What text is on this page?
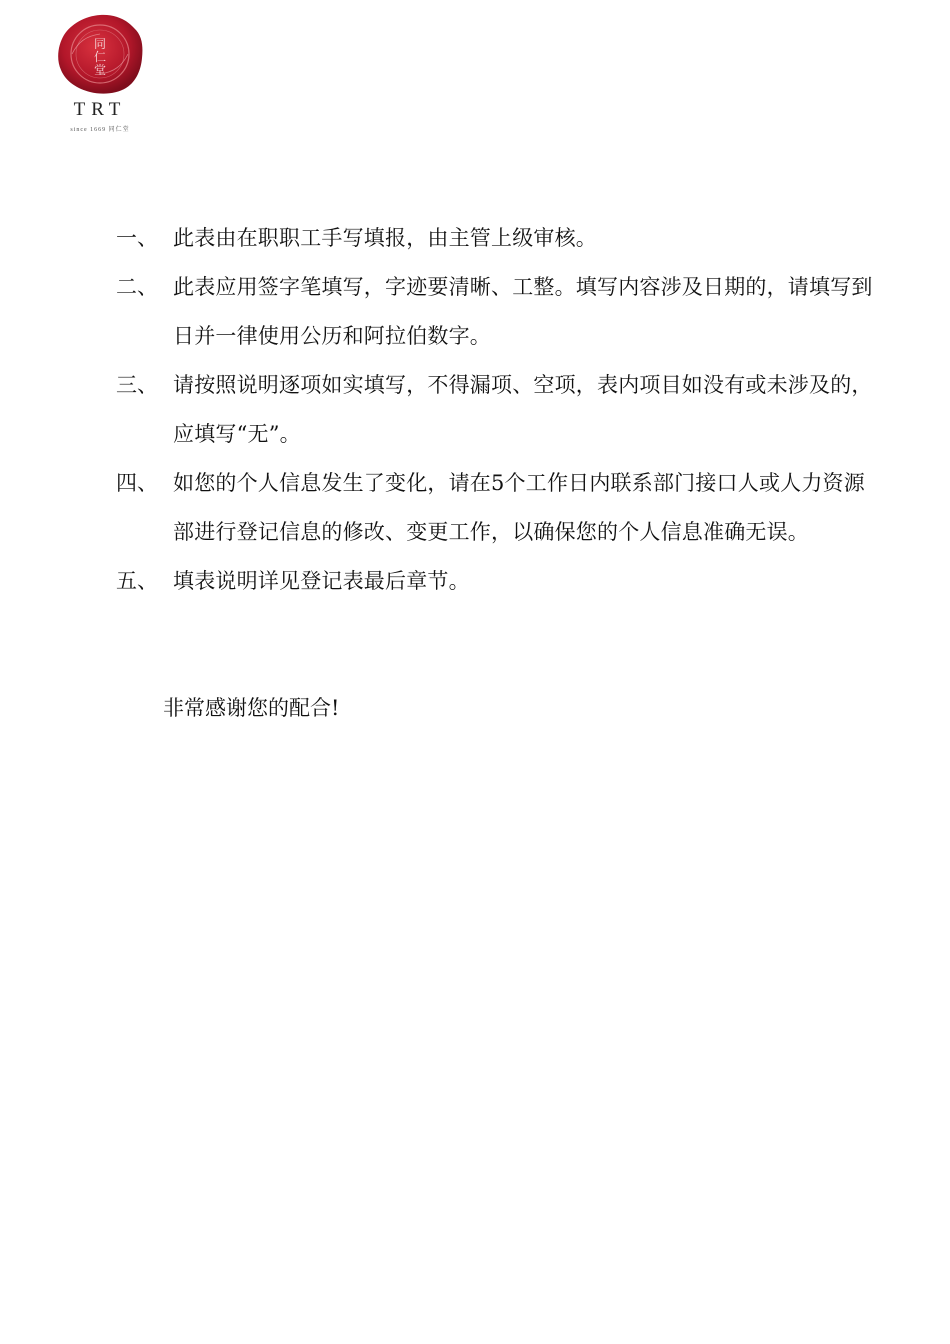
同
仁
堂
TRT
since 1669 同仁堂
一、 此表由在职职工手写填报，由主管上级审核。
二、 此表应用签字笔填写，字迹要清晰、工整。填写内容涉及日期的，请填写到日并一律使用公历和阿拉伯数字。
三、 请按照说明逐项如实填写，不得漏项、空项，表内项目如没有或未涉及的，应填写“无”。
四、 如您的个人信息发生了变化，请在5个工作日内联系部门接口人或人力资源部进行登记信息的修改、变更工作，以确保您的个人信息准确无误。
五、 填表说明详见登记表最后章节。

非常感谢您的配合!
